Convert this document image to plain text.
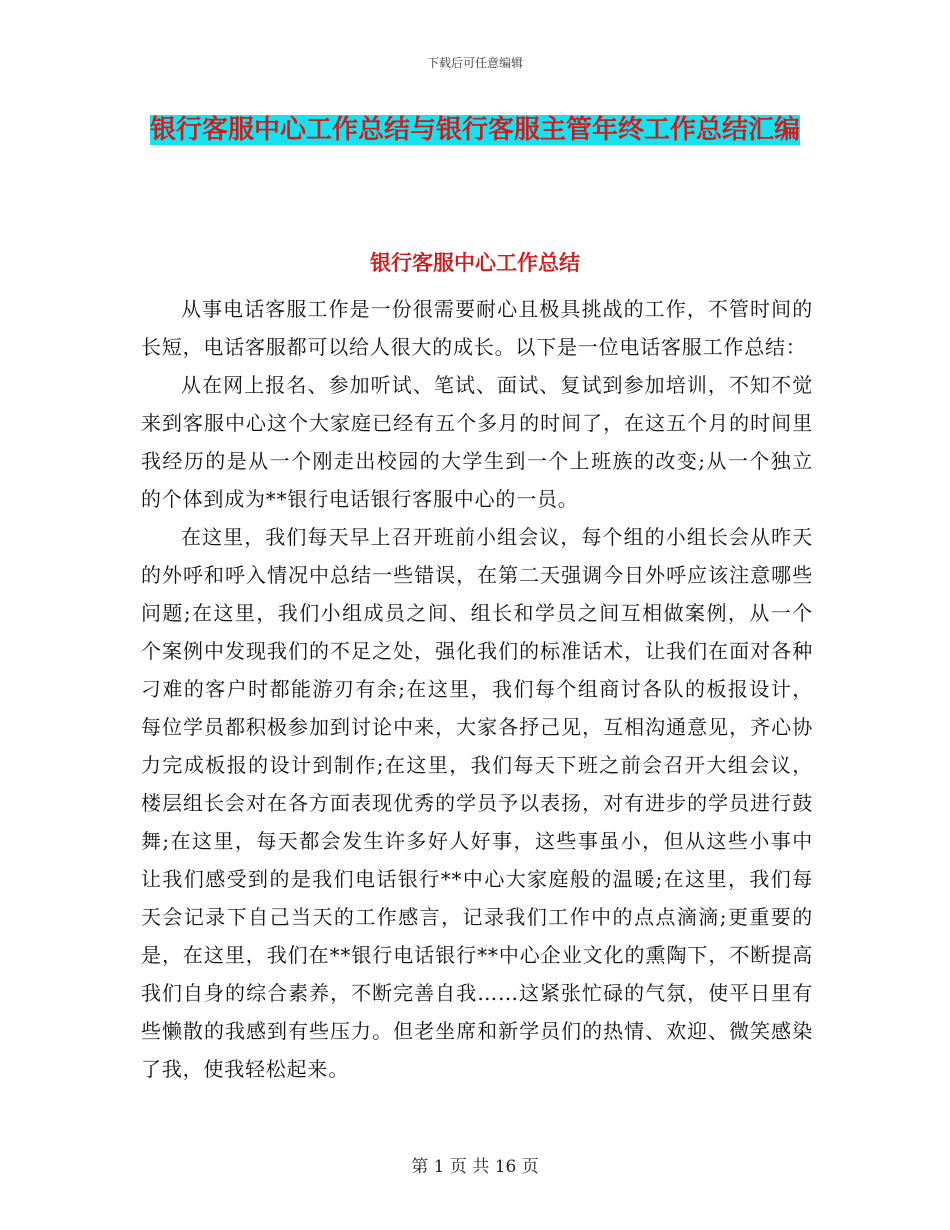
下载后可任意编辑
银行客服中心工作总结与银行客服主管年终工作总结汇编
银行客服中心工作总结

从事电话客服工作是一份很需要耐心且极具挑战的工作，不管时间的长短，电话客服都可以给人很大的成长。以下是一位电话客服工作总结：

从在网上报名、参加听试、笔试、面试、复试到参加培训，不知不觉来到客服中心这个大家庭已经有五个多月的时间了，在这五个月的时间里我经历的是从一个刚走出校园的大学生到一个上班族的改变;从一个独立的个体到成为**银行电话银行客服中心的一员。

在这里，我们每天早上召开班前小组会议，每个组的小组长会从昨天的外呼和呼入情况中总结一些错误，在第二天强调今日外呼应该注意哪些问题;在这里，我们小组成员之间、组长和学员之间互相做案例，从一个个案例中发现我们的不足之处，强化我们的标准话术，让我们在面对各种刁难的客户时都能游刃有余;在这里，我们每个组商讨各队的板报设计，每位学员都积极参加到讨论中来，大家各抒己见，互相沟通意见，齐心协力完成板报的设计到制作;在这里，我们每天下班之前会召开大组会议，楼层组长会对在各方面表现优秀的学员予以表扬，对有进步的学员进行鼓舞;在这里，每天都会发生许多好人好事，这些事虽小，但从这些小事中让我们感受到的是我们电话银行**中心大家庭般的温暖;在这里，我们每天会记录下自己当天的工作感言，记录我们工作中的点点滴滴;更重要的是，在这里，我们在**银行电话银行**中心企业文化的熏陶下，不断提高我们自身的综合素养，不断完善自我……这紧张忙碌的气氛，使平日里有些懒散的我感到有些压力。但老坐席和新学员们的热情、欢迎、微笑感染了我，使我轻松起来。

第 1 页 共 16 页
